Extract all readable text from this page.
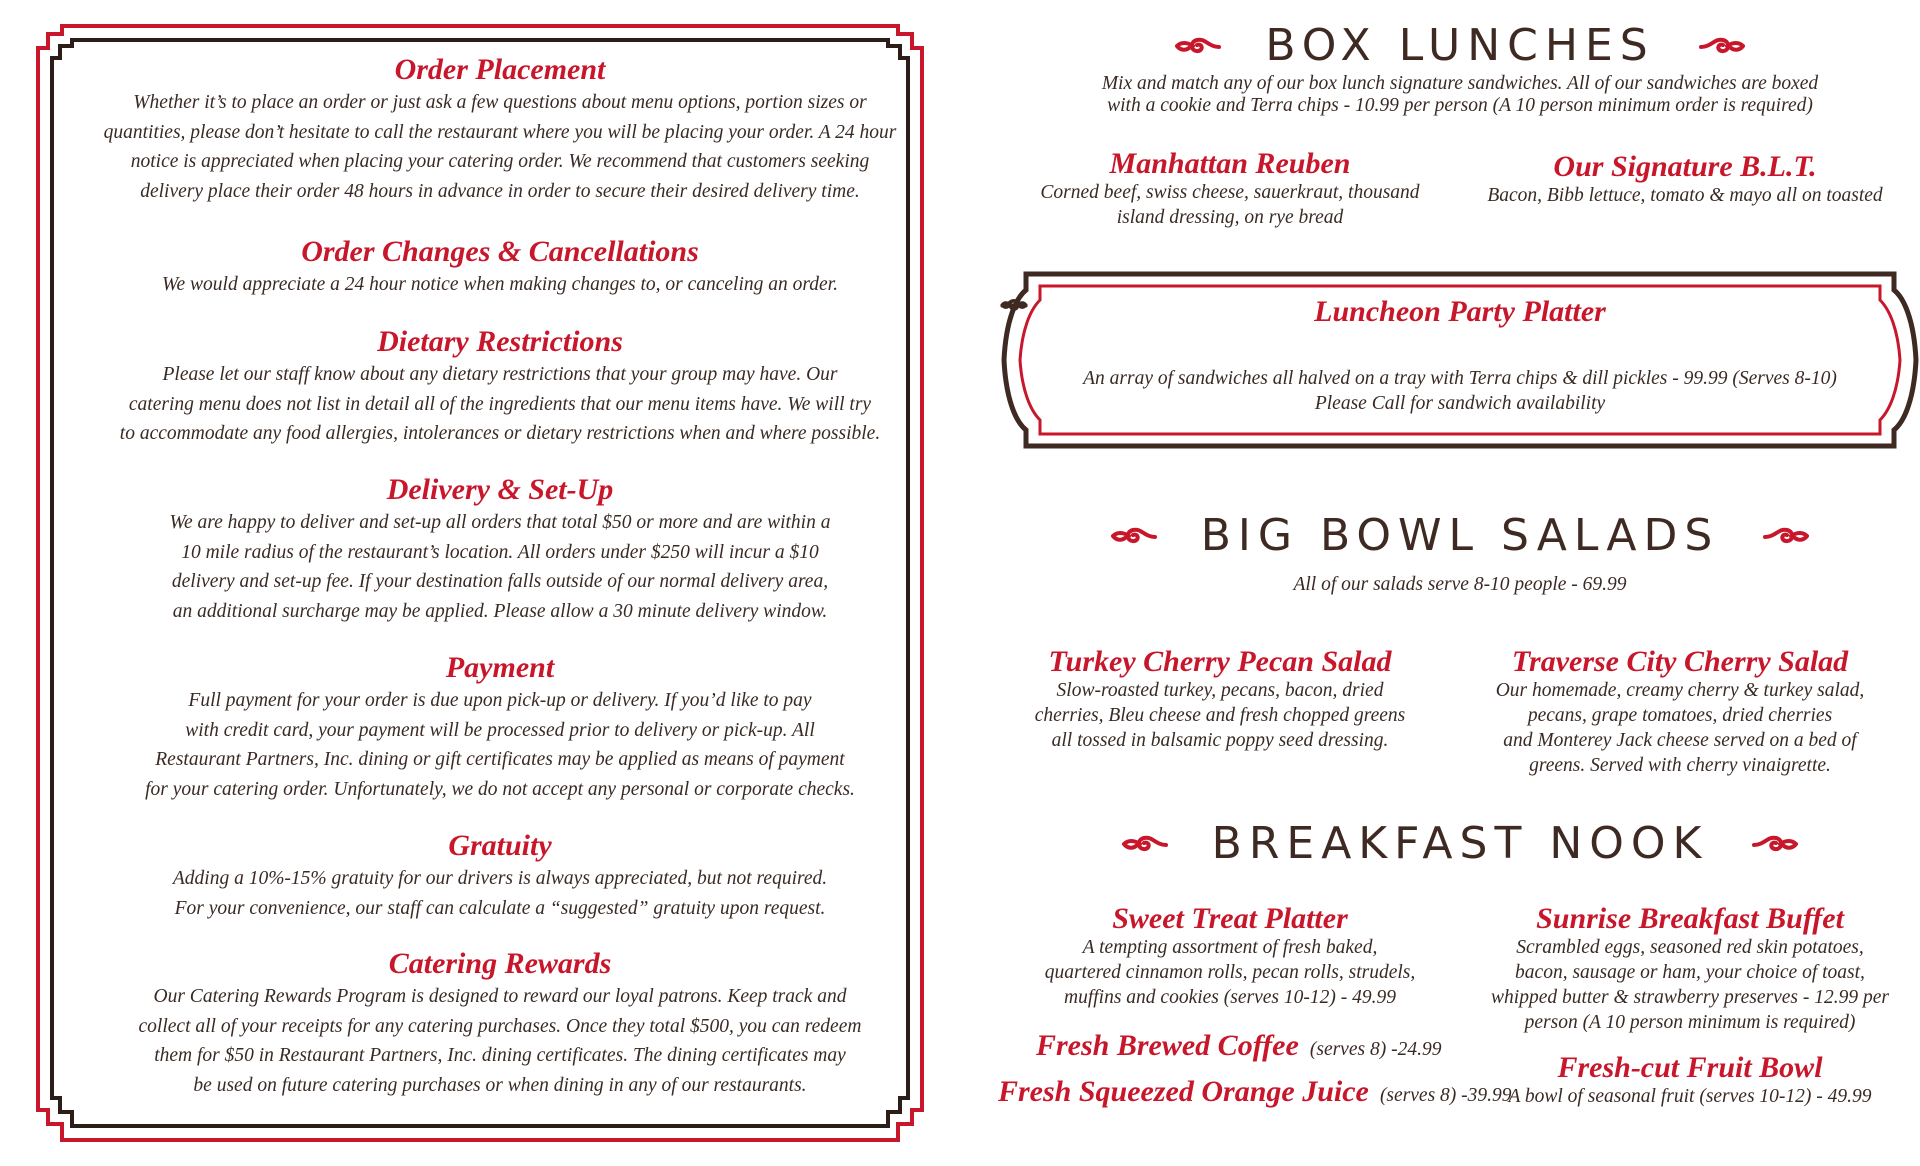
Order Placement

Whether it’s to place an order or just ask a few questions about menu options, portion sizes or

quantities, please don’t hesitate to call the restaurant where you will be placing your order. A 24 hour

notice is appreciated when placing your catering order. We recommend that customers seeking

delivery place their order 48 hours in advance in order to secure their desired delivery time.

Order Changes & Cancellations

We would appreciate a 24 hour notice when making changes to, or canceling an order.

Dietary Restrictions

Please let our staff know about any dietary restrictions that your group may have. Our

catering menu does not list in detail all of the ingredients that our menu items have. We will try

to accommodate any food allergies, intolerances or dietary restrictions when and where possible.

Delivery & Set-Up

We are happy to deliver and set-up all orders that total $50 or more and are within a

10 mile radius of the restaurant’s location. All orders under $250 will incur a $10

delivery and set-up fee. If your destination falls outside of our normal delivery area,

an additional surcharge may be applied. Please allow a 30 minute delivery window.

Payment

Full payment for your order is due upon pick-up or delivery. If you’d like to pay

with credit card, your payment will be processed prior to delivery or pick-up. All

Restaurant Partners, Inc. dining or gift certificates may be applied as means of payment

for your catering order. Unfortunately, we do not accept any personal or corporate checks.

Gratuity

Adding a 10%-15% gratuity for our drivers is always appreciated, but not required.

For your convenience, our staff can calculate a “suggested” gratuity upon request.

Catering Rewards

Our Catering Rewards Program is designed to reward our loyal patrons. Keep track and

collect all of your receipts for any catering purchases. Once they total $500, you can redeem

them for $50 in Restaurant Partners, Inc. dining certificates. The dining certificates may

be used on future catering purchases or when dining in any of our restaurants.

BOX LUNCHES

Mix and match any of our box lunch signature sandwiches. All of our sandwiches are boxed

with a cookie and Terra chips - 10.99 per person (A 10 person minimum order is required)

Manhattan Reuben

Corned beef, swiss cheese, sauerkraut, thousand

island dressing, on rye bread

Our Signature B.L.T.

Bacon, Bibb lettuce, tomato & mayo all on toasted

Luncheon Party Platter

An array of sandwiches all halved on a tray with Terra chips & dill pickles - 99.99 (Serves 8-10)

Please Call for sandwich availability

BIG BOWL SALADS

All of our salads serve 8-10 people - 69.99

Turkey Cherry Pecan Salad

Slow-roasted turkey, pecans, bacon, dried

cherries, Bleu cheese and fresh chopped greens

all tossed in balsamic poppy seed dressing.

Traverse City Cherry Salad

Our homemade, creamy cherry & turkey salad,

pecans, grape tomatoes, dried cherries

and Monterey Jack cheese served on a bed of

greens. Served with cherry vinaigrette.

BREAKFAST NOOK

Sweet Treat Platter

A tempting assortment of fresh baked,

quartered cinnamon rolls, pecan rolls, strudels,

muffins and cookies (serves 10-12) - 49.99

Sunrise Breakfast Buffet

Scrambled eggs, seasoned red skin potatoes,

bacon, sausage or ham, your choice of toast,

whipped butter & strawberry preserves - 12.99 per

person (A 10 person minimum is required)

Fresh Brewed Coffee

(serves 8) -24.99

Fresh Squeezed Orange Juice

(serves 8) -39.99

Fresh-cut Fruit Bowl

A bowl of seasonal fruit (serves 10-12) - 49.99
